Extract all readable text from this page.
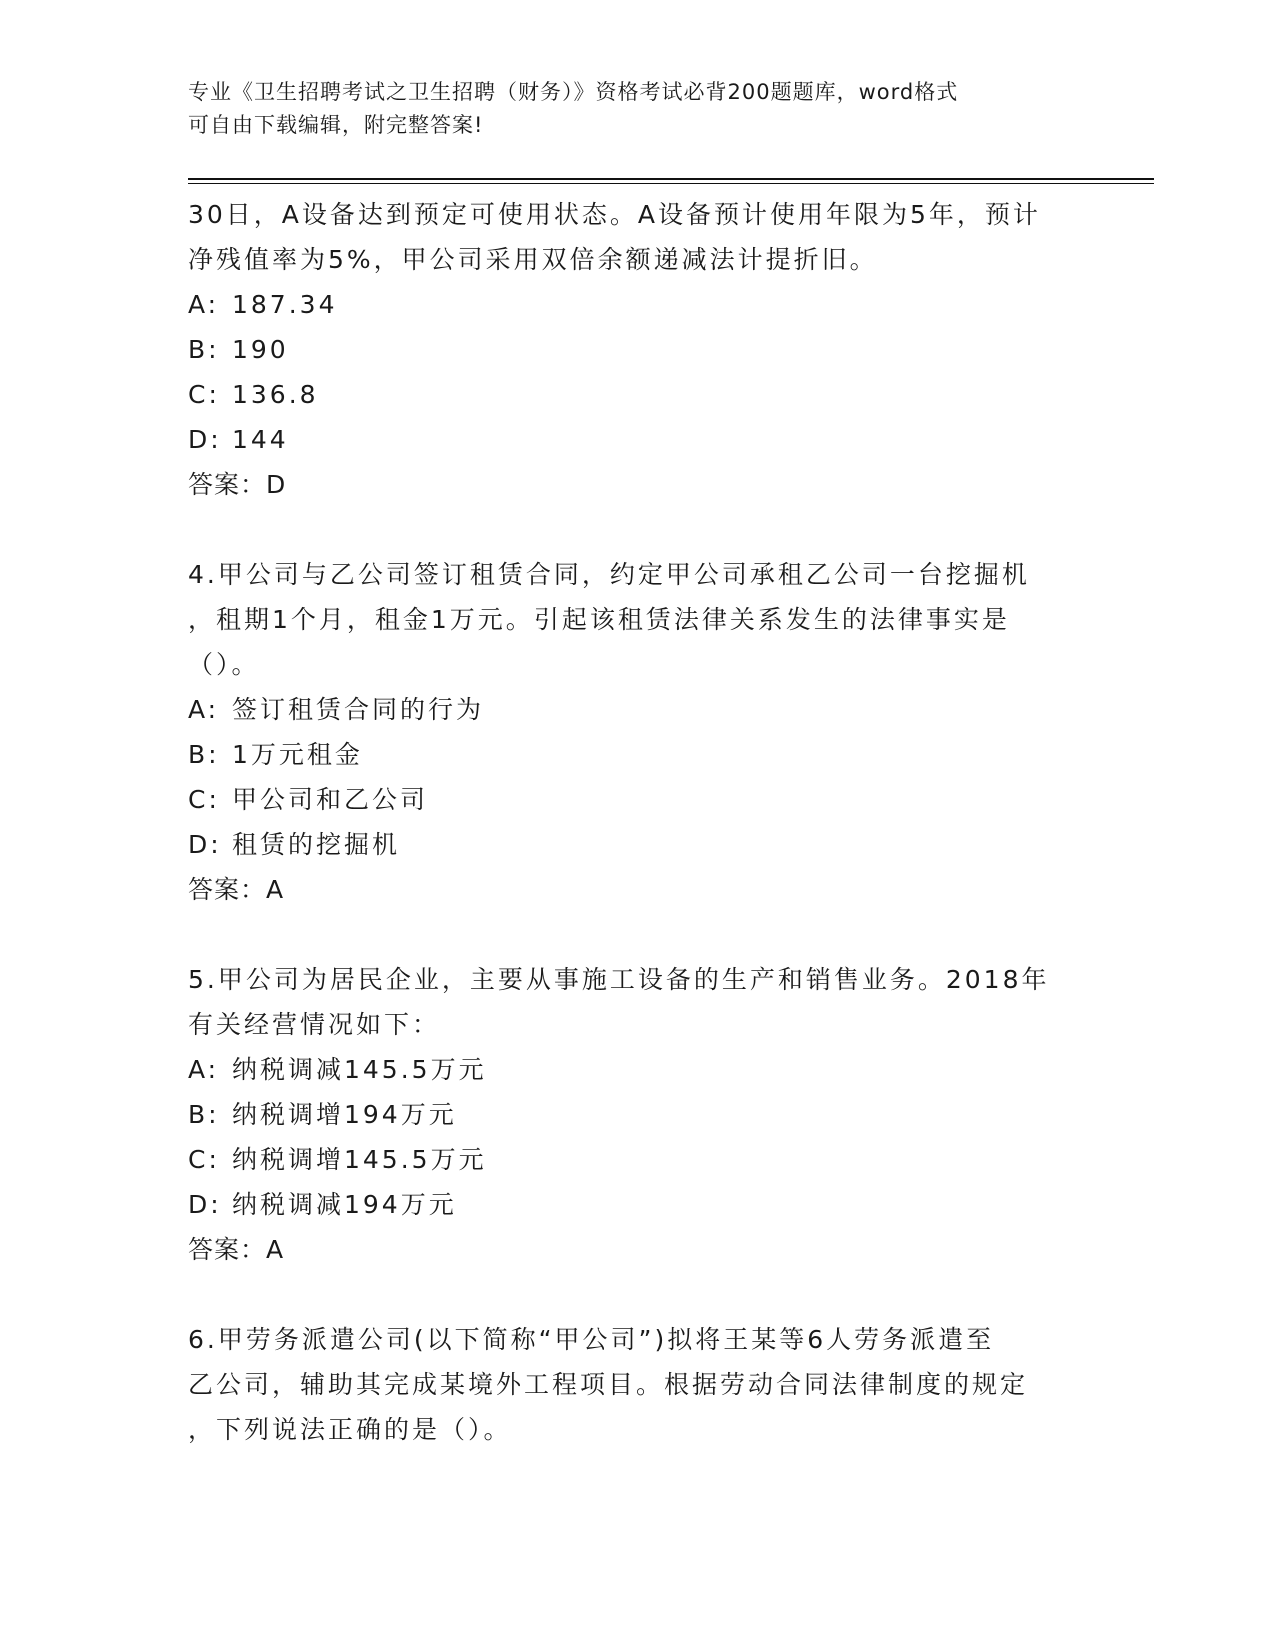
专业《卫生招聘考试之卫生招聘（财务）》资格考试必背200题题库，word格式
可自由下载编辑，附完整答案!
30日，A设备达到预定可使用状态。A设备预计使用年限为5年，预计
净残值率为5%，甲公司采用双倍余额递减法计提折旧。
A: 187.34
B: 190
C: 136.8
D: 144
答案：D
4.甲公司与乙公司签订租赁合同，约定甲公司承租乙公司一台挖掘机
，租期1个月，租金1万元。引起该租赁法律关系发生的法律事实是
（）。
A: 签订租赁合同的行为
B: 1万元租金
C: 甲公司和乙公司
D: 租赁的挖掘机
答案：A
5.甲公司为居民企业，主要从事施工设备的生产和销售业务。2018年
有关经营情况如下：
A: 纳税调减145.5万元
B: 纳税调增194万元
C: 纳税调增145.5万元
D: 纳税调减194万元
答案：A
6.甲劳务派遣公司(以下简称“甲公司”)拟将王某等6人劳务派遣至
乙公司，辅助其完成某境外工程项目。根据劳动合同法律制度的规定
，下列说法正确的是（）。
